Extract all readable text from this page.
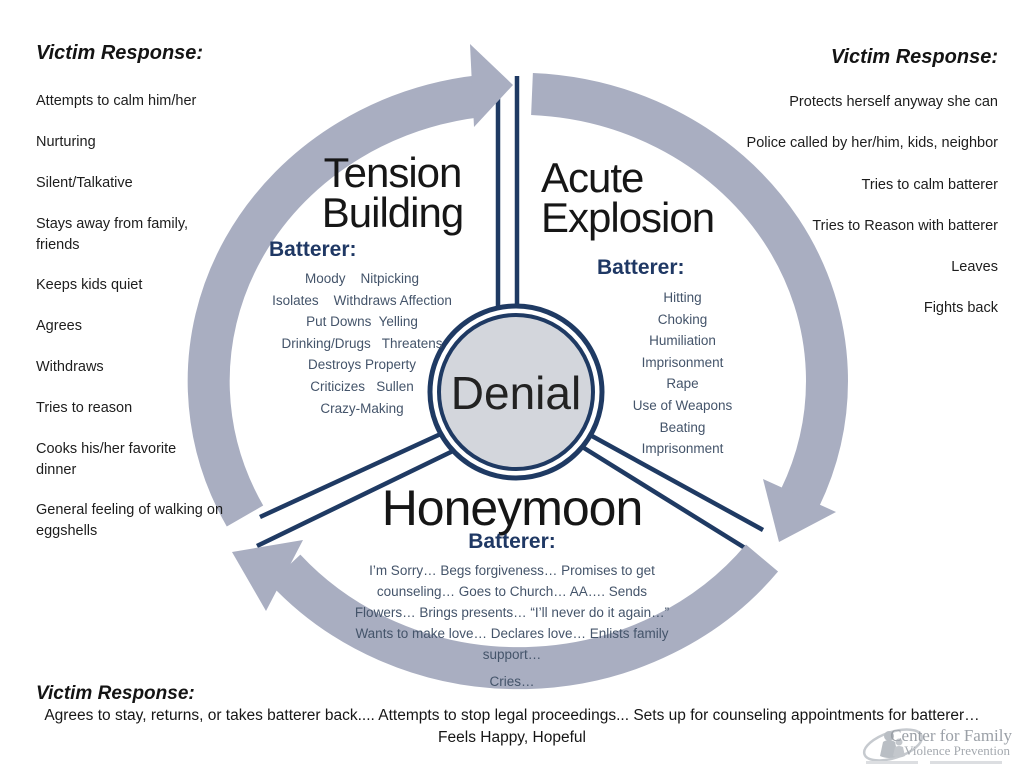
Victim Response:
Attempts to calm him/her
Nurturing
Silent/Talkative
Stays away from family, friends
Keeps kids quiet
Agrees
Withdraws
Tries to reason
Cooks his/her favorite dinner
General feeling of walking on eggshells
Victim Response:
Protects herself anyway she can
Police called by her/him, kids, neighbor
Tries to calm batterer
Tries to Reason with batterer
Leaves
Fights back
Tension
Building
Batterer:
Moody    Nitpicking
Isolates    Withdraws Affection
Put Downs  Yelling
Drinking/Drugs   Threatens
Destroys Property
Criticizes   Sullen
Crazy-Making
Acute
Explosion
Batterer:
Hitting
Choking
Humiliation
Imprisonment
Rape
Use of Weapons
Beating
Imprisonment
Honeymoon
Batterer:
I’m Sorry… Begs forgiveness… Promises to get counseling… Goes to Church… AA…. Sends Flowers… Brings presents… “I’ll never do it again…”  Wants to make love… Declares love… Enlists family support…
Cries…
Denial
Victim Response:
Agrees to stay, returns, or takes batterer back.... Attempts to stop legal proceedings... Sets up for counseling appointments for batterer…
Feels Happy, Hopeful	Center for Family
Violence Prevention
